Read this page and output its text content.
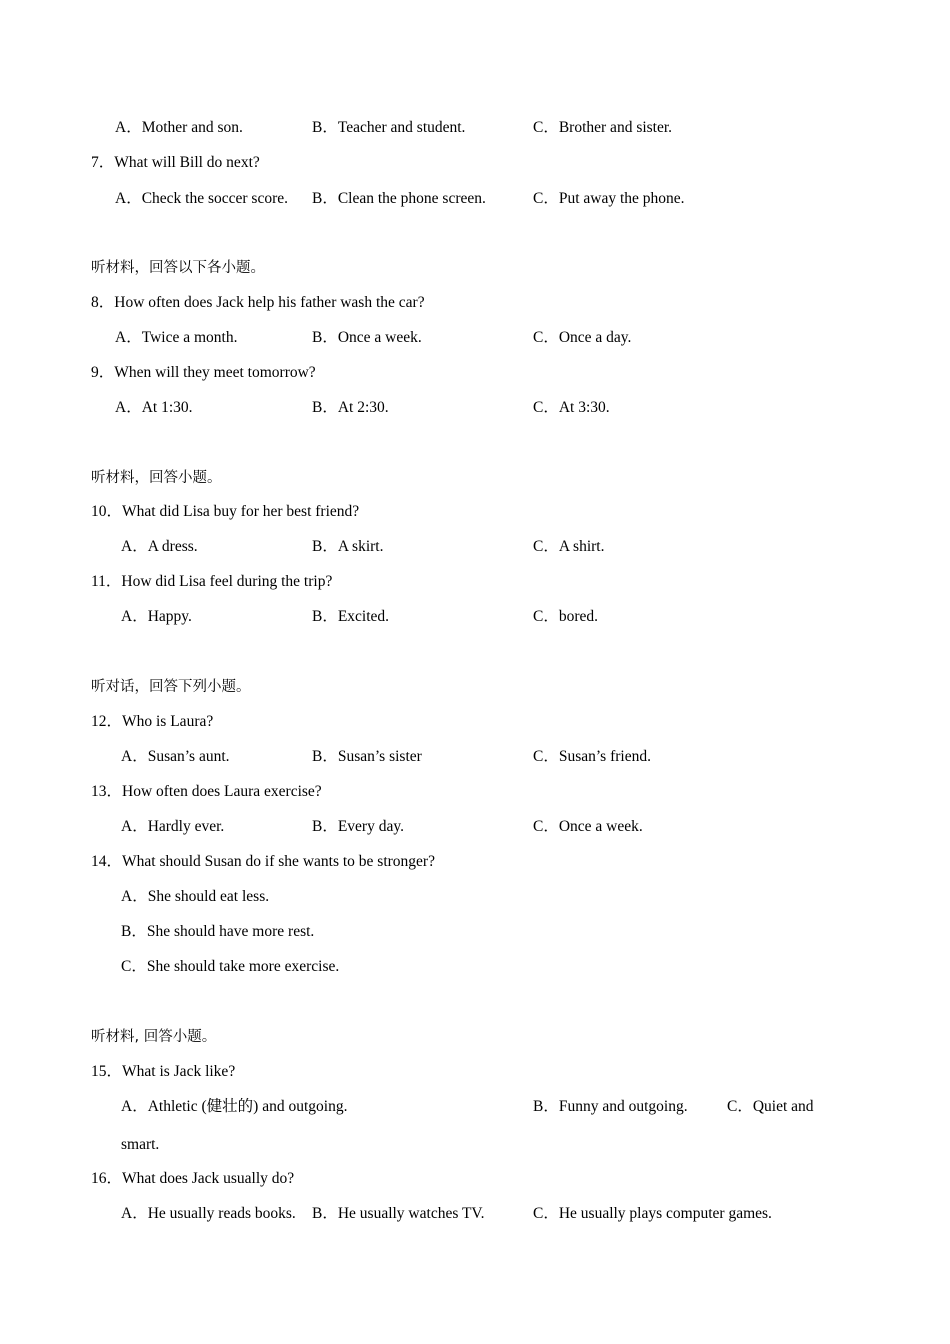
A．Mother and son.	B．Teacher and student.	C．Brother and sister.
7．What will Bill do next?
A．Check the soccer score. B．Clean the phone screen.	C．Put away the phone.
听材料，回答以下各小题。
8．How often does Jack help his father wash the car?
A．Twice a month.	B．Once a week.	C．Once a day.
9．When will they meet tomorrow?
A．At 1:30.	B．At 2:30.	C．At 3:30.
听材料，回答小题。
10．What did Lisa buy for her best friend?
A．A dress.	B．A skirt.	C．A shirt.
11．How did Lisa feel during the trip?
A．Happy.	B．Excited.	C．bored.
听对话，回答下列小题。
12．Who is Laura?
A．Susan’s aunt.	B．Susan’s sister	C．Susan’s friend.
13．How often does Laura exercise?
A．Hardly ever.	B．Every day.	C．Once a week.
14．What should Susan do if she wants to be stronger?
A．She should eat less.
B．She should have more rest.
C．She should take more exercise.
听材料, 回答小题。
15．What is Jack like?
A．Athletic (健壮的) and outgoing.	B．Funny and outgoing.	C．Quiet and
smart.
16．What does Jack usually do?
A．He usually reads books. B．He usually watches TV.	C．He usually plays computer games.
